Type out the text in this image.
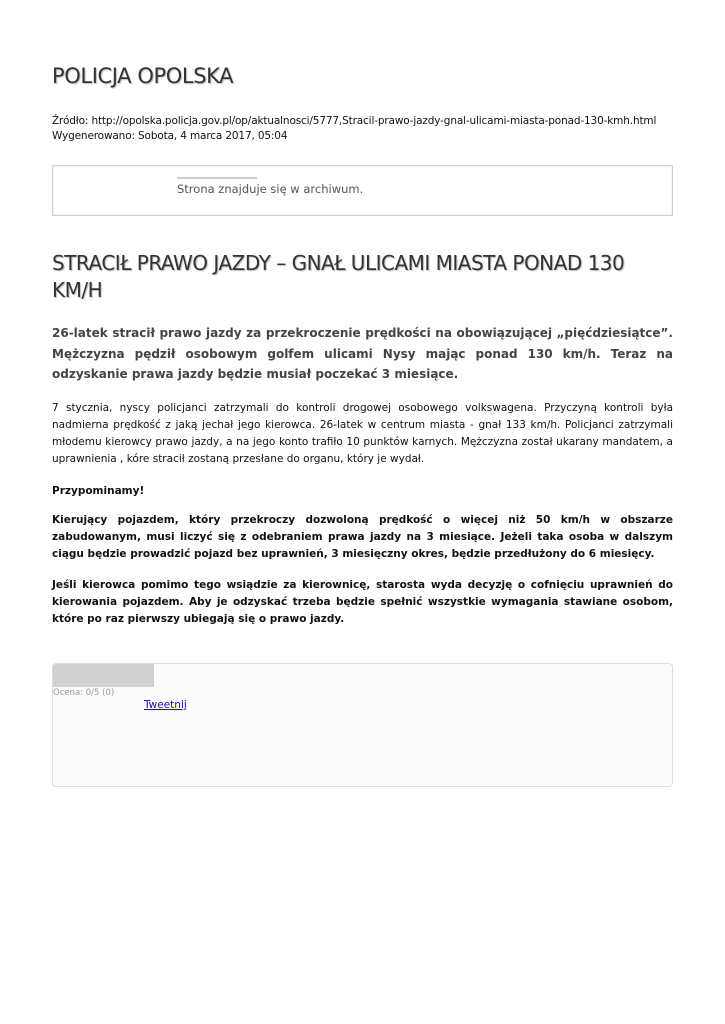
POLICJA OPOLSKA
Źródło: http://opolska.policja.gov.pl/op/aktualnosci/5777,Stracil-prawo-jazdy-gnal-ulicami-miasta-ponad-130-kmh.html
Wygenerowano: Sobota, 4 marca 2017, 05:04
Strona znajduje się w archiwum.
STRACIŁ PRAWO JAZDY – GNAŁ ULICAMI MIASTA PONAD 130 KM/H

26-latek stracił prawo jazdy za przekroczenie prędkości na obowiązującej „pięćdziesiątce”. Mężczyzna pędził osobowym golfem ulicami Nysy mając ponad 130 km/h. Teraz na odzyskanie prawa jazdy będzie musiał poczekać 3 miesiące.

7 stycznia, nyscy policjanci zatrzymali do kontroli drogowej osobowego volkswagena. Przyczyną kontroli była nadmierna prędkość z jaką jechał jego kierowca. 26-latek w centrum miasta - gnał 133 km/h. Policjanci zatrzymali młodemu kierowcy prawo jazdy, a na jego konto trafiło 10 punktów karnych. Mężczyzna został ukarany mandatem, a uprawnienia , kóre stracił zostaną przesłane do organu, który je wydał.

Przypominamy!

Kierujący pojazdem, który przekroczy dozwoloną prędkość o więcej niż 50 km/h w obszarze zabudowanym, musi liczyć się z odebraniem prawa jazdy na 3 miesiące. Jeżeli taka osoba w dalszym ciągu będzie prowadzić pojazd bez uprawnień, 3 miesięczny okres, będzie przedłużony do 6 miesięcy.

Jeśli kierowca pomimo tego wsiądzie za kierownicę, starosta wyda decyzję o cofnięciu uprawnień do kierowania pojazdem. Aby je odzyskać trzeba będzie spełnić wszystkie wymagania stawiane osobom, które po raz pierwszy ubiegają się o prawo jazdy.

Ocena: 0/5 (0)
Tweetnij
